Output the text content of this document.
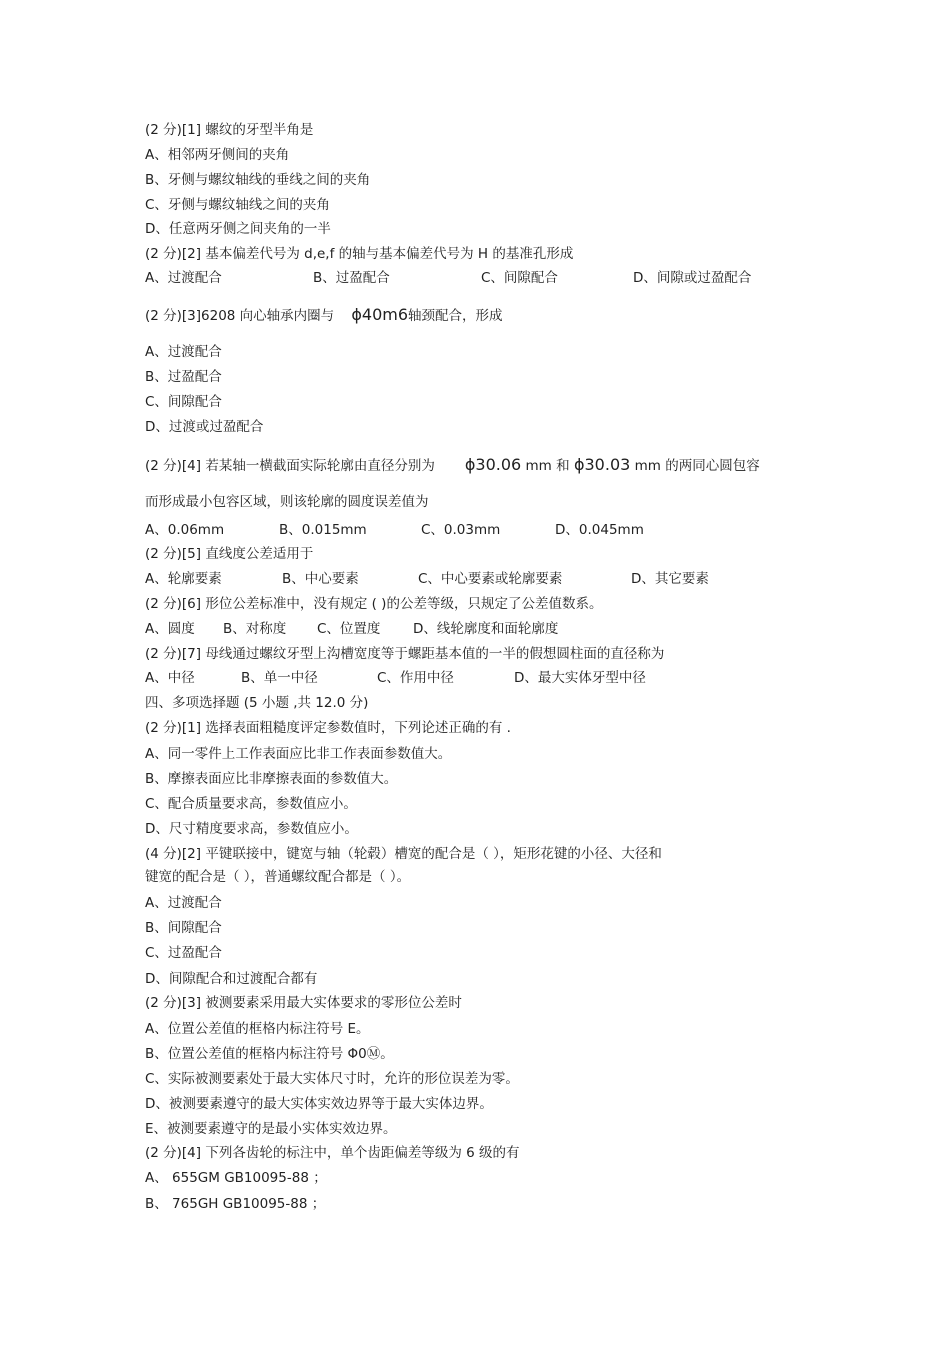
(2 分)[1] 螺纹的牙型半角是
A、相邻两牙侧间的夹角
B、牙侧与螺纹轴线的垂线之间的夹角
C、牙侧与螺纹轴线之间的夹角
D、任意两牙侧之间夹角的一半
(2 分)[2] 基本偏差代号为 d,e,f 的轴与基本偏差代号为 H 的基准孔形成
A、过渡配合	B、过盈配合	C、间隙配合	D、间隙或过盈配合
(2 分)[3]6208 向心轴承内圈与 ϕ40m6轴颈配合，形成
A、过渡配合
B、过盈配合
C、间隙配合
D、过渡或过盈配合
(2 分)[4] 若某轴一横截面实际轮廓由直径分别为 ϕ30.06 mm 和 ϕ30.03 mm 的两同心圆包容
而形成最小包容区域，则该轮廓的圆度误差值为
A、0.06mm	B、0.015mm	C、0.03mm	D、0.045mm
(2 分)[5] 直线度公差适用于
A、轮廓要素	B、中心要素	C、中心要素或轮廓要素	D、其它要素
(2 分)[6] 形位公差标准中，没有规定 ( )的公差等级，只规定了公差值数系。
A、圆度 B、对称度 C、位置度 D、线轮廓度和面轮廓度
(2 分)[7] 母线通过螺纹牙型上沟槽宽度等于螺距基本值的一半的假想圆柱面的直径称为
A、中径	B、单一中径	C、作用中径	D、最大实体牙型中径
四、多项选择题 (5 小题 ,共 12.0 分)
(2 分)[1] 选择表面粗糙度评定参数值时，下列论述正确的有 .
A、同一零件上工作表面应比非工作表面参数值大。
B、摩擦表面应比非摩擦表面的参数值大。
C、配合质量要求高，参数值应小。
D、尺寸精度要求高，参数值应小。
(4 分)[2] 平键联接中，键宽与轴（轮毂）槽宽的配合是（ ），矩形花键的小径、大径和
键宽的配合是（ ），普通螺纹配合都是（ ）。
A、过渡配合
B、间隙配合
C、过盈配合
D、间隙配合和过渡配合都有
(2 分)[3] 被测要素采用最大实体要求的零形位公差时
A、位置公差值的框格内标注符号 E。
B、位置公差值的框格内标注符号 Φ0Ⓜ。
C、实际被测要素处于最大实体尺寸时，允许的形位误差为零。
D、被测要素遵守的最大实体实效边界等于最大实体边界。
E、被测要素遵守的是最小实体实效边界。
(2 分)[4] 下列各齿轮的标注中，单个齿距偏差等级为 6 级的有
A、 655GM GB10095-88 ；
B、 765GH GB10095-88 ；
